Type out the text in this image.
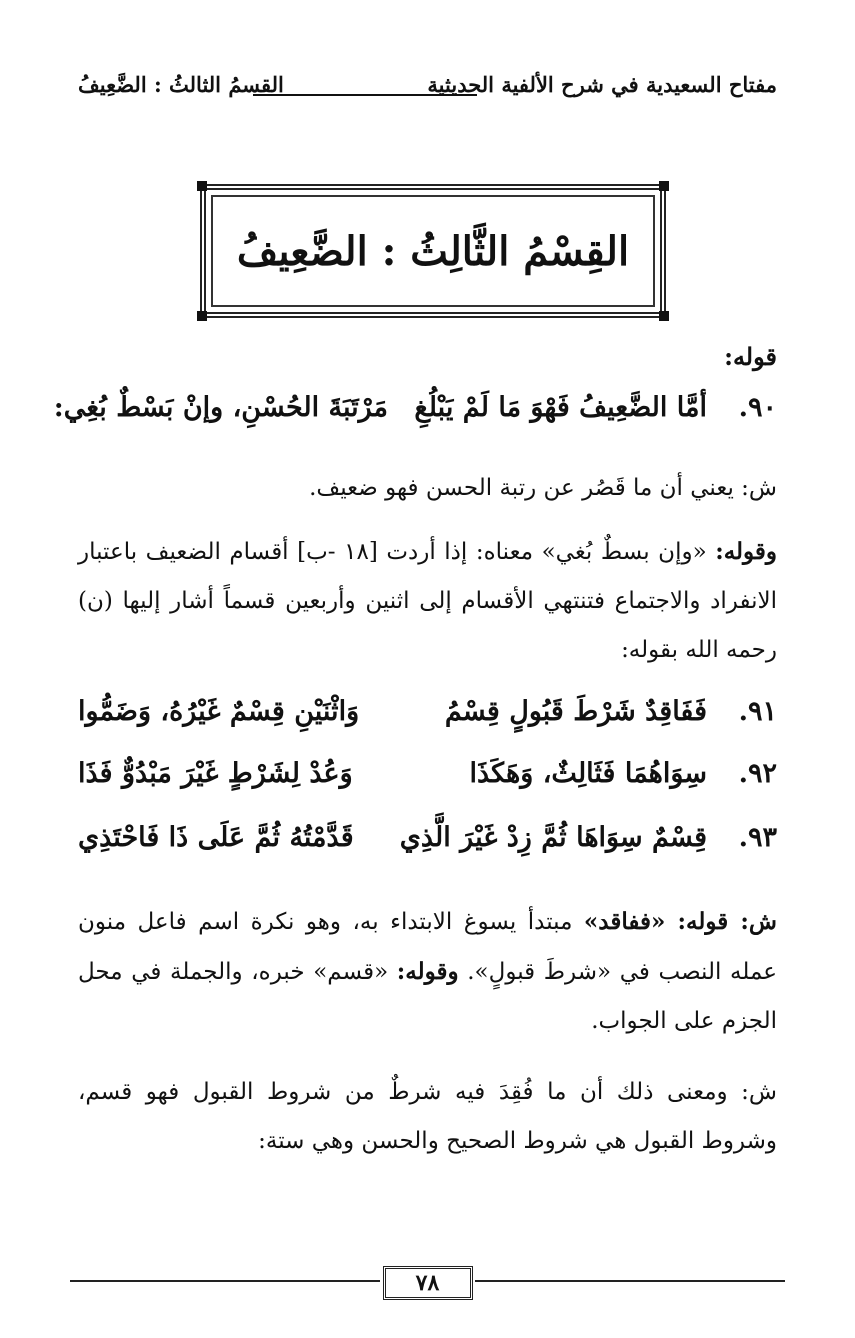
مفتاح السعيدية في شرح الألفية الحديثية
القسمُ الثالثُ : الضَّعِيفُ
القِسْمُ الثَّالِثُ : الضَّعِيفُ
قوله:
٩٠.
أمَّا الضَّعِيفُ فَهْوَ مَا لَمْ يَبْلُغِ
مَرْتَبَةَ الحُسْنِ، وإنْ بَسْطٌ بُغِي:

ش: يعني أن ما قَصُر عن رتبة الحسن فهو ضعيف.

وقوله: «وإن بسطٌ بُغي» معناه: إذا أردت [١٨ -ب] أقسام الضعيف باعتبار الانفراد والاجتماع فتنتهي الأقسام إلى اثنين وأربعين قسماً أشار إليها (ن) رحمه الله بقوله:

٩١.
فَفَاقِدٌ شَرْطَ قَبُولٍ قِسْمُ
وَاثْنَيْنِ قِسْمٌ غَيْرُهُ، وَضَمُّوا
٩٢.
سِوَاهُمَا فَثَالِثٌ، وَهَكَذَا
وَعُدْ لِشَرْطٍ غَيْرَ مَبْدُوٌّ فَذَا
٩٣.
قِسْمٌ سِوَاهَا ثُمَّ زِدْ غَيْرَ الَّذِي
قَدَّمْتُهُ ثُمَّ عَلَى ذَا فَاحْتَذِي

ش: قوله: «ففاقد» مبتدأ يسوغ الابتداء به، وهو نكرة اسم فاعل منون عمله النصب في «شرطَ قبولٍ». وقوله: «قسم» خبره، والجملة في محل الجزم على الجواب.

ش: ومعنى ذلك أن ما فُقِدَ فيه شرطٌ من شروط القبول فهو قسم، وشروط القبول هي شروط الصحيح والحسن وهي ستة:

٧٨
